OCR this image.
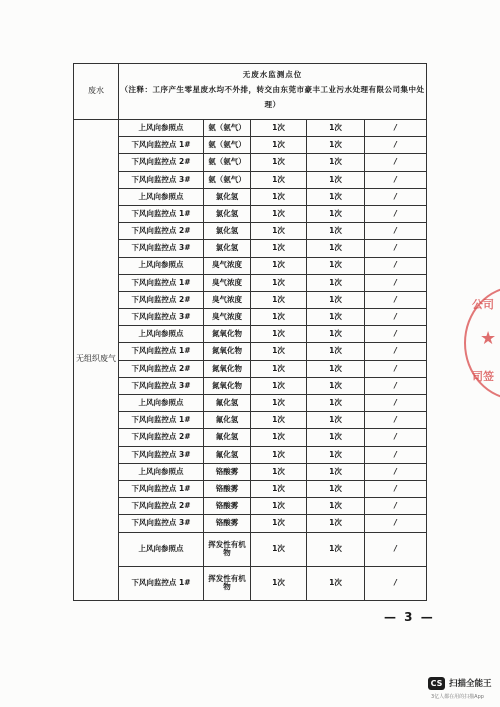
废水	无废水监测点位
（注释：工序产生零星废水均不外排，转交由东莞市豪丰工业污水处理有限公司集中处理）				

无组织废气	上风向参照点	氨（氨气）	1次	1次	/
	下风向监控点 1#	氨（氨气）	1次	1次	/
	下风向监控点 2#	氨（氨气）	1次	1次	/
	下风向监控点 3#	氨（氨气）	1次	1次	/
	上风向参照点	氯化氢	1次	1次	/
	下风向监控点 1#	氯化氢	1次	1次	/
	下风向监控点 2#	氯化氢	1次	1次	/
	下风向监控点 3#	氯化氢	1次	1次	/
	上风向参照点	臭气浓度	1次	1次	/
	下风向监控点 1#	臭气浓度	1次	1次	/
	下风向监控点 2#	臭气浓度	1次	1次	/
	下风向监控点 3#	臭气浓度	1次	1次	/
	上风向参照点	氮氧化物	1次	1次	/
	下风向监控点 1#	氮氧化物	1次	1次	/
	下风向监控点 2#	氮氧化物	1次	1次	/
	下风向监控点 3#	氮氧化物	1次	1次	/
	上风向参照点	氟化氢	1次	1次	/
	下风向监控点 1#	氟化氢	1次	1次	/
	下风向监控点 2#	氟化氢	1次	1次	/
	下风向监控点 3#	氟化氢	1次	1次	/
	上风向参照点	铬酸雾	1次	1次	/
	下风向监控点 1#	铬酸雾	1次	1次	/
	下风向监控点 2#	铬酸雾	1次	1次	/
	下风向监控点 3#	铬酸雾	1次	1次	/
	上风向参照点	挥发性有机物	1次	1次	/
	下风向监控点 1#	挥发性有机物	1次	1次	/
— 3 —
公司
★
司签
CS 扫描全能王
3亿人都在用的扫描App
